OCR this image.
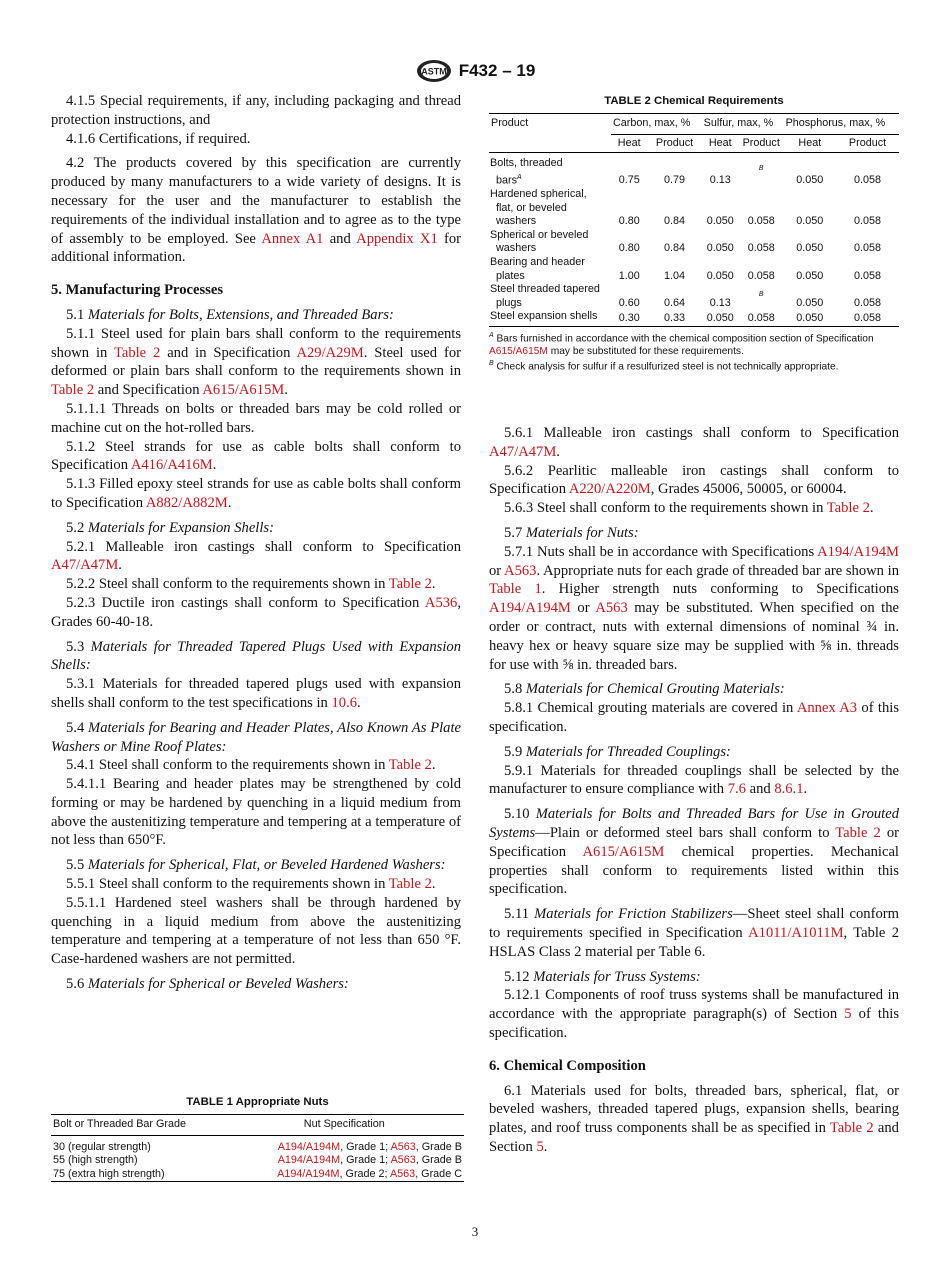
ASTM F432 – 19

4.1.5 Special requirements, if any, including packaging and thread protection instructions, and

4.1.6 Certifications, if required.

4.2 The products covered by this specification are currently produced by many manufacturers to a wide variety of designs. It is necessary for the user and the manufacturer to establish the requirements of the individual installation and to agree as to the type of assembly to be employed. See Annex A1 and Appendix X1 for additional information.

5. Manufacturing Processes

5.1 Materials for Bolts, Extensions, and Threaded Bars:

5.1.1 Steel used for plain bars shall conform to the requirements shown in Table 2 and in Specification A29/A29M. Steel used for deformed or plain bars shall conform to the requirements shown in Table 2 and Specification A615/A615M.

5.1.1.1 Threads on bolts or threaded bars may be cold rolled or machine cut on the hot-rolled bars.

5.1.2 Steel strands for use as cable bolts shall conform to Specification A416/A416M.

5.1.3 Filled epoxy steel strands for use as cable bolts shall conform to Specification A882/A882M.

5.2 Materials for Expansion Shells:

5.2.1 Malleable iron castings shall conform to Specification A47/A47M.

5.2.2 Steel shall conform to the requirements shown in Table 2.

5.2.3 Ductile iron castings shall conform to Specification A536, Grades 60-40-18.

5.3 Materials for Threaded Tapered Plugs Used with Expansion Shells:

5.3.1 Materials for threaded tapered plugs used with expansion shells shall conform to the test specifications in 10.6.

5.4 Materials for Bearing and Header Plates, Also Known As Plate Washers or Mine Roof Plates:

5.4.1 Steel shall conform to the requirements shown in Table 2.

5.4.1.1 Bearing and header plates may be strengthened by cold forming or may be hardened by quenching in a liquid medium from above the austenitizing temperature and tempering at a temperature of not less than 650°F.

5.5 Materials for Spherical, Flat, or Beveled Hardened Washers:

5.5.1 Steel shall conform to the requirements shown in Table 2.

5.5.1.1 Hardened steel washers shall be through hardened by quenching in a liquid medium from above the austenitizing temperature and tempering at a temperature of not less than 650 °F. Case-hardened washers are not permitted.

5.6 Materials for Spherical or Beveled Washers:

TABLE 1 Appropriate Nuts
Bolt or Threaded Bar Grade	Nut Specification
30 (regular strength)	A194/A194M, Grade 1; A563, Grade B
55 (high strength)	A194/A194M, Grade 1; A563, Grade B
75 (extra high strength)	A194/A194M, Grade 2; A563, Grade C
TABLE 2 Chemical Requirements
Product	Carbon, max, %		Sulfur, max, %		Phosphorus, max, %	
	Heat	Product	Heat	Product	Heat	Product
Bolts, threaded
bars$^A$	0.75	0.79	0.13	$^B$	0.050	0.058
Hardened spherical,
flat, or beveled
washers	0.80	0.84	0.050	0.058	0.050	0.058
Spherical or beveled
washers	0.80	0.84	0.050	0.058	0.050	0.058
Bearing and header
plates	1.00	1.04	0.050	0.058	0.050	0.058
Steel threaded tapered
plugs	0.60	0.64	0.13	$^B$	0.050	0.058
Steel expansion shells	0.30	0.33	0.050	0.058	0.050	0.058

$^A$ Bars furnished in accordance with the chemical composition section of Specification A615/A615M may be substituted for these requirements.

$^B$ Check analysis for sulfur if a resulfurized steel is not technically appropriate.

5.6.1 Malleable iron castings shall conform to Specification A47/A47M.

5.6.2 Pearlitic malleable iron castings shall conform to Specification A220/A220M, Grades 45006, 50005, or 60004.

5.6.3 Steel shall conform to the requirements shown in Table 2.

5.7 Materials for Nuts:

5.7.1 Nuts shall be in accordance with Specifications A194/A194M or A563. Appropriate nuts for each grade of threaded bar are shown in Table 1. Higher strength nuts conforming to Specifications A194/A194M or A563 may be substituted. When specified on the order or contract, nuts with external dimensions of nominal ¾ in. heavy hex or heavy square size may be supplied with ⅝ in. threads for use with ⅝ in. threaded bars.

5.8 Materials for Chemical Grouting Materials:

5.8.1 Chemical grouting materials are covered in Annex A3 of this specification.

5.9 Materials for Threaded Couplings:

5.9.1 Materials for threaded couplings shall be selected by the manufacturer to ensure compliance with 7.6 and 8.6.1.

5.10 Materials for Bolts and Threaded Bars for Use in Grouted Systems—Plain or deformed steel bars shall conform to Table 2 or Specification A615/A615M chemical properties. Mechanical properties shall conform to requirements listed within this specification.

5.11 Materials for Friction Stabilizers—Sheet steel shall conform to requirements specified in Specification A1011/A1011M, Table 2 HSLAS Class 2 material per Table 6.

5.12 Materials for Truss Systems:

5.12.1 Components of roof truss systems shall be manufactured in accordance with the appropriate paragraph(s) of Section 5 of this specification.

6. Chemical Composition

6.1 Materials used for bolts, threaded bars, spherical, flat, or beveled washers, threaded tapered plugs, expansion shells, bearing plates, and roof truss components shall be as specified in Table 2 and Section 5.

3
